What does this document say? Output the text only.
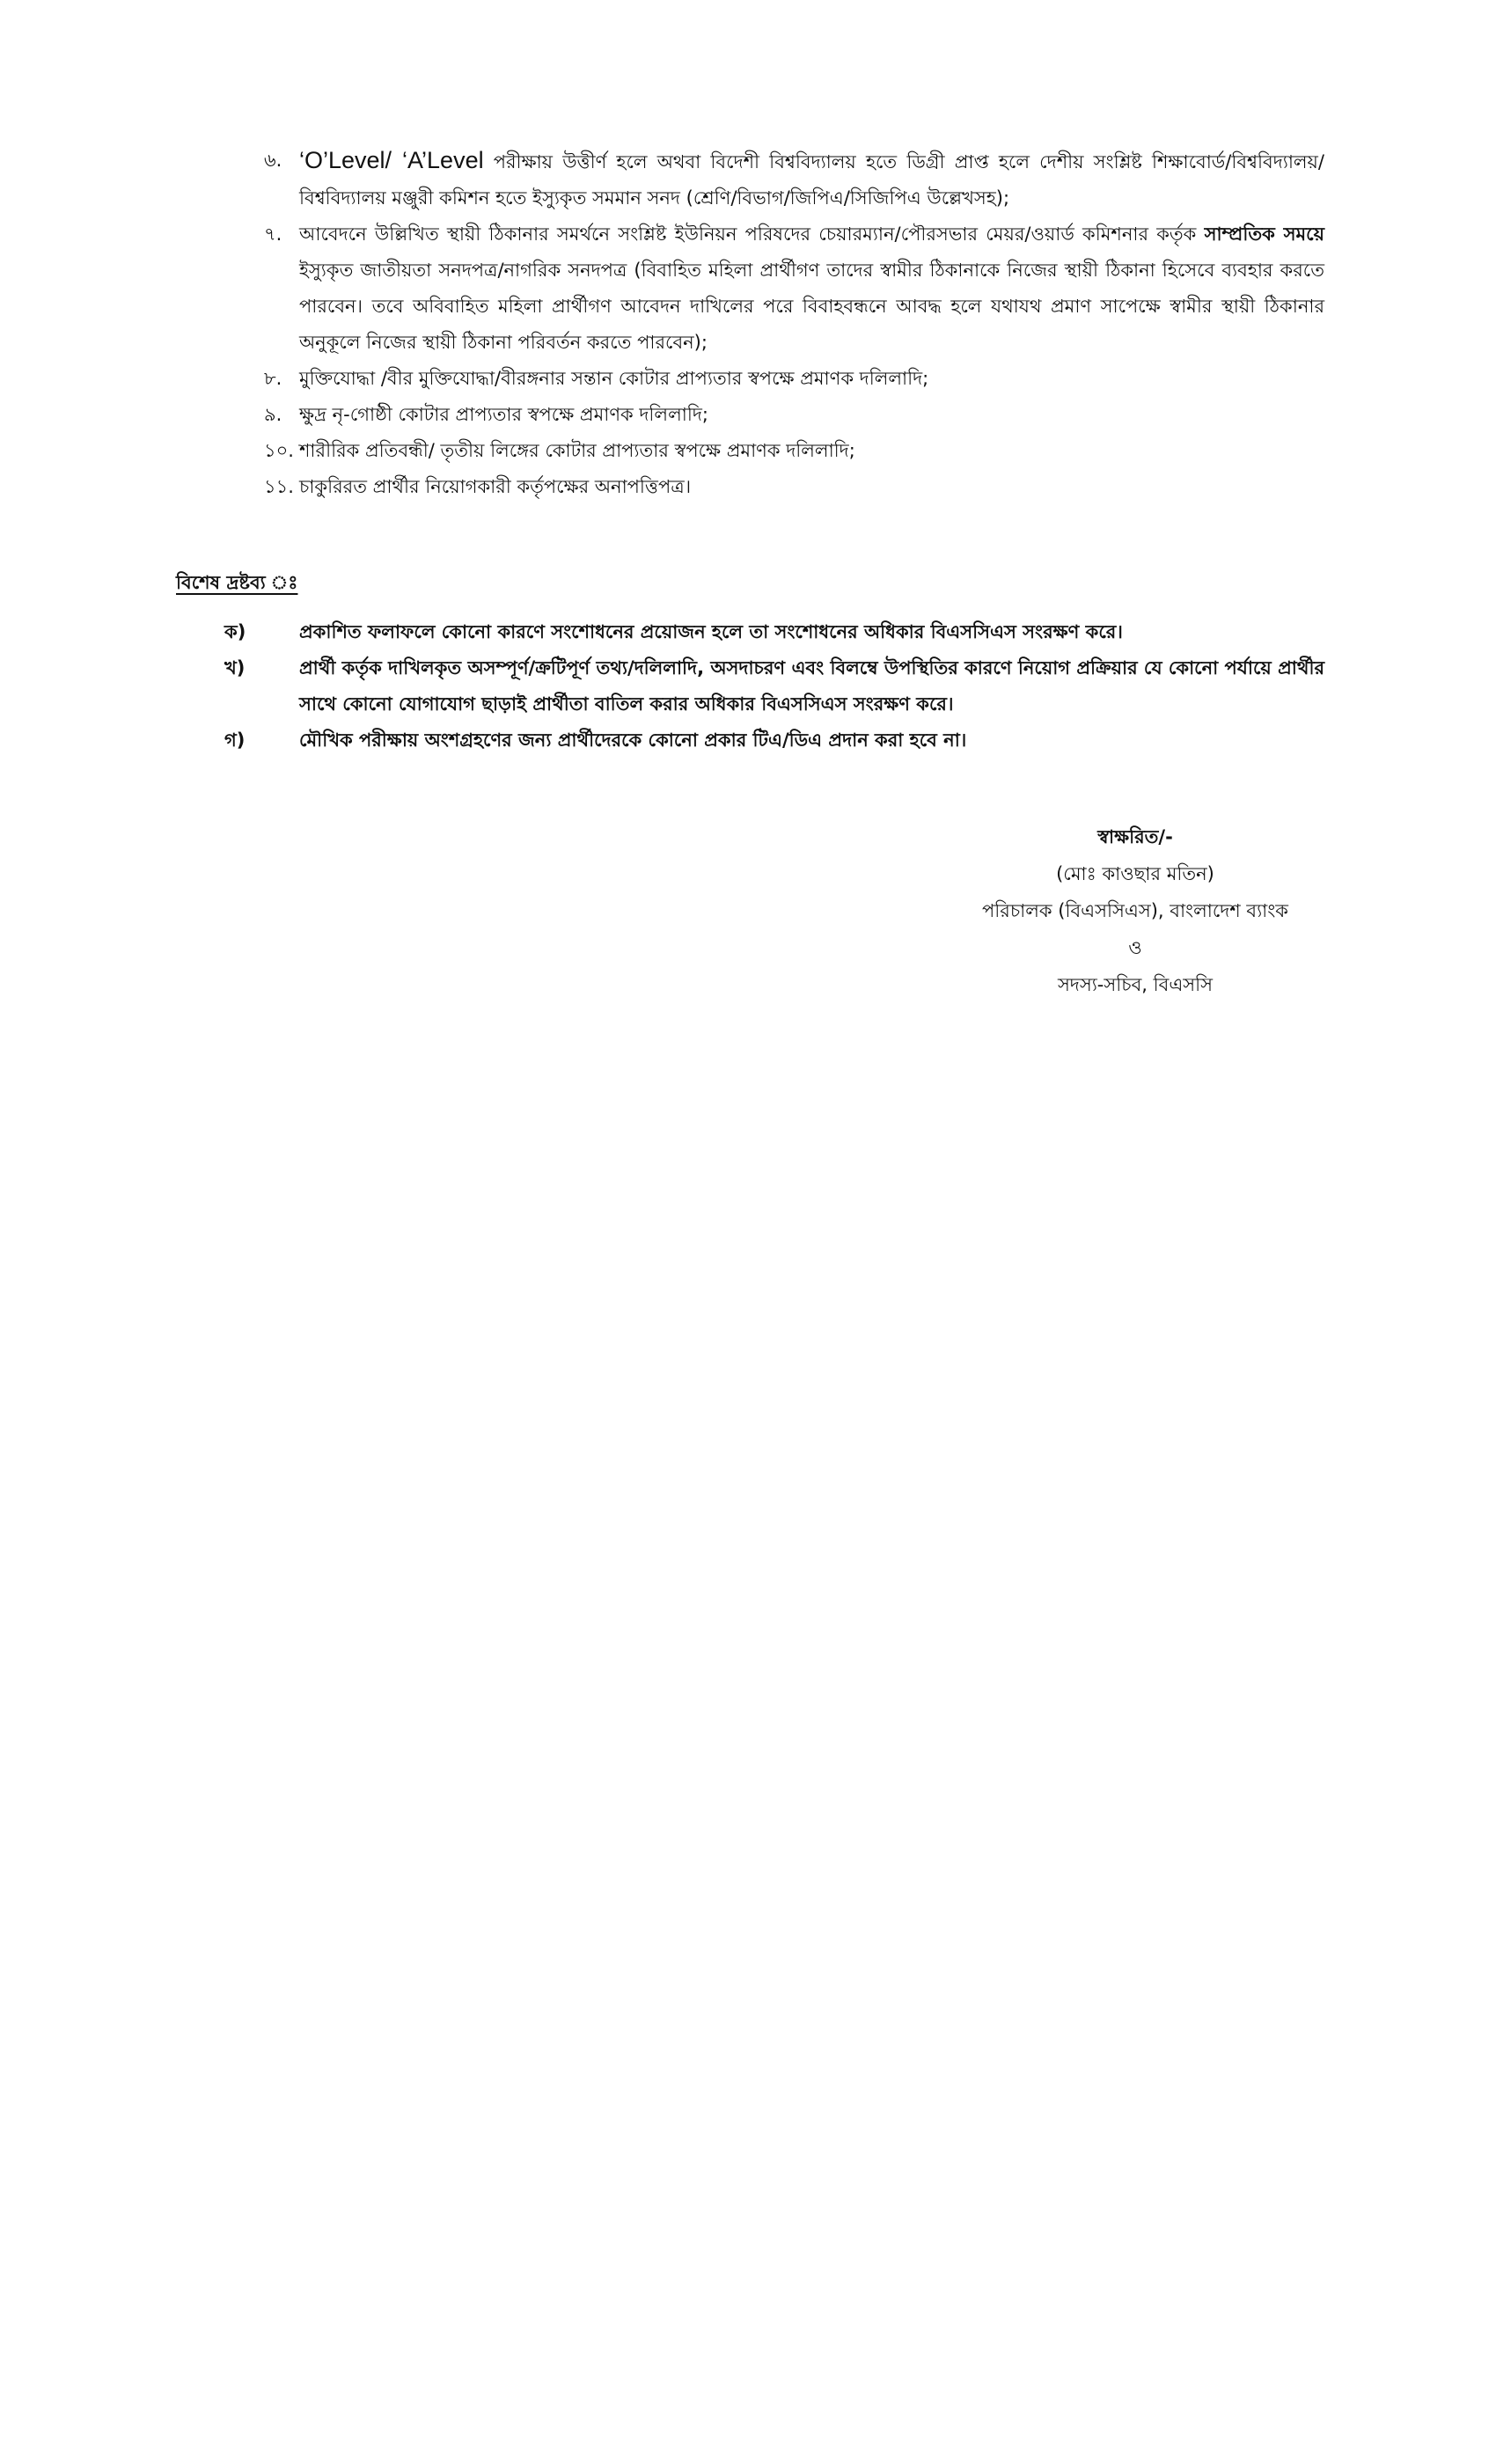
৬. ‘O’Level/ ‘A’Level পরীক্ষায় উত্তীর্ণ হলে অথবা বিদেশী বিশ্ববিদ্যালয় হতে ডিগ্রী প্রাপ্ত হলে দেশীয় সংশ্লিষ্ট শিক্ষাবোর্ড/বিশ্ববিদ্যালয়/বিশ্ববিদ্যালয় মঞ্জুরী কমিশন হতে ইস্যুকৃত সমমান সনদ (শ্রেণি/বিভাগ/জিপিএ/সিজিপিএ উল্লেখসহ);
৭. আবেদনে উল্লিখিত স্থায়ী ঠিকানার সমর্থনে সংশ্লিষ্ট ইউনিয়ন পরিষদের চেয়ারম্যান/পৌরসভার মেয়র/ওয়ার্ড কমিশনার কর্তৃক সাম্প্রতিক সময়ে ইস্যুকৃত জাতীয়তা সনদপত্র/নাগরিক সনদপত্র (বিবাহিত মহিলা প্রার্থীগণ তাদের স্বামীর ঠিকানাকে নিজের স্থায়ী ঠিকানা হিসেবে ব্যবহার করতে পারবেন। তবে অবিবাহিত মহিলা প্রার্থীগণ আবেদন দাখিলের পরে বিবাহবন্ধনে আবদ্ধ হলে যথাযথ প্রমাণ সাপেক্ষে স্বামীর স্থায়ী ঠিকানার অনুকূলে নিজের স্থায়ী ঠিকানা পরিবর্তন করতে পারবেন);
৮. মুক্তিযোদ্ধা /বীর মুক্তিযোদ্ধা/বীরঙ্গনার সন্তান কোটার প্রাপ্যতার স্বপক্ষে প্রমাণক দলিলাদি;
৯. ক্ষুদ্র নৃ-গোষ্ঠী কোটার প্রাপ্যতার স্বপক্ষে প্রমাণক দলিলাদি;
১০. শারীরিক প্রতিবন্ধী/ তৃতীয় লিঙ্গের কোটার প্রাপ্যতার স্বপক্ষে প্রমাণক দলিলাদি;
১১. চাকুরিরত প্রার্থীর নিয়োগকারী কর্তৃপক্ষের অনাপত্তিপত্র।
বিশেষ দ্রষ্টব্য ঃ
ক)	প্রকাশিত ফলাফলে কোনো কারণে সংশোধনের প্রয়োজন হলে তা সংশোধনের অধিকার বিএসসিএস সংরক্ষণ করে।
খ)	প্রার্থী কর্তৃক দাখিলকৃত অসম্পূর্ণ/ক্রটিপূর্ণ তথ্য/দলিলাদি, অসদাচরণ এবং বিলম্বে উপস্থিতির কারণে নিয়োগ প্রক্রিয়ার যে কোনো পর্যায়ে প্রার্থীর সাথে কোনো যোগাযোগ ছাড়াই প্রার্থীতা বাতিল করার অধিকার বিএসসিএস সংরক্ষণ করে।
গ)	মৌখিক পরীক্ষায় অংশগ্রহণের জন্য প্রার্থীদেরকে কোনো প্রকার টিএ/ডিএ প্রদান করা হবে না।
স্বাক্ষরিত/-
(মোঃ কাওছার মতিন)
পরিচালক (বিএসসিএস), বাংলাদেশ ব্যাংক
ও
সদস্য-সচিব, বিএসসি
